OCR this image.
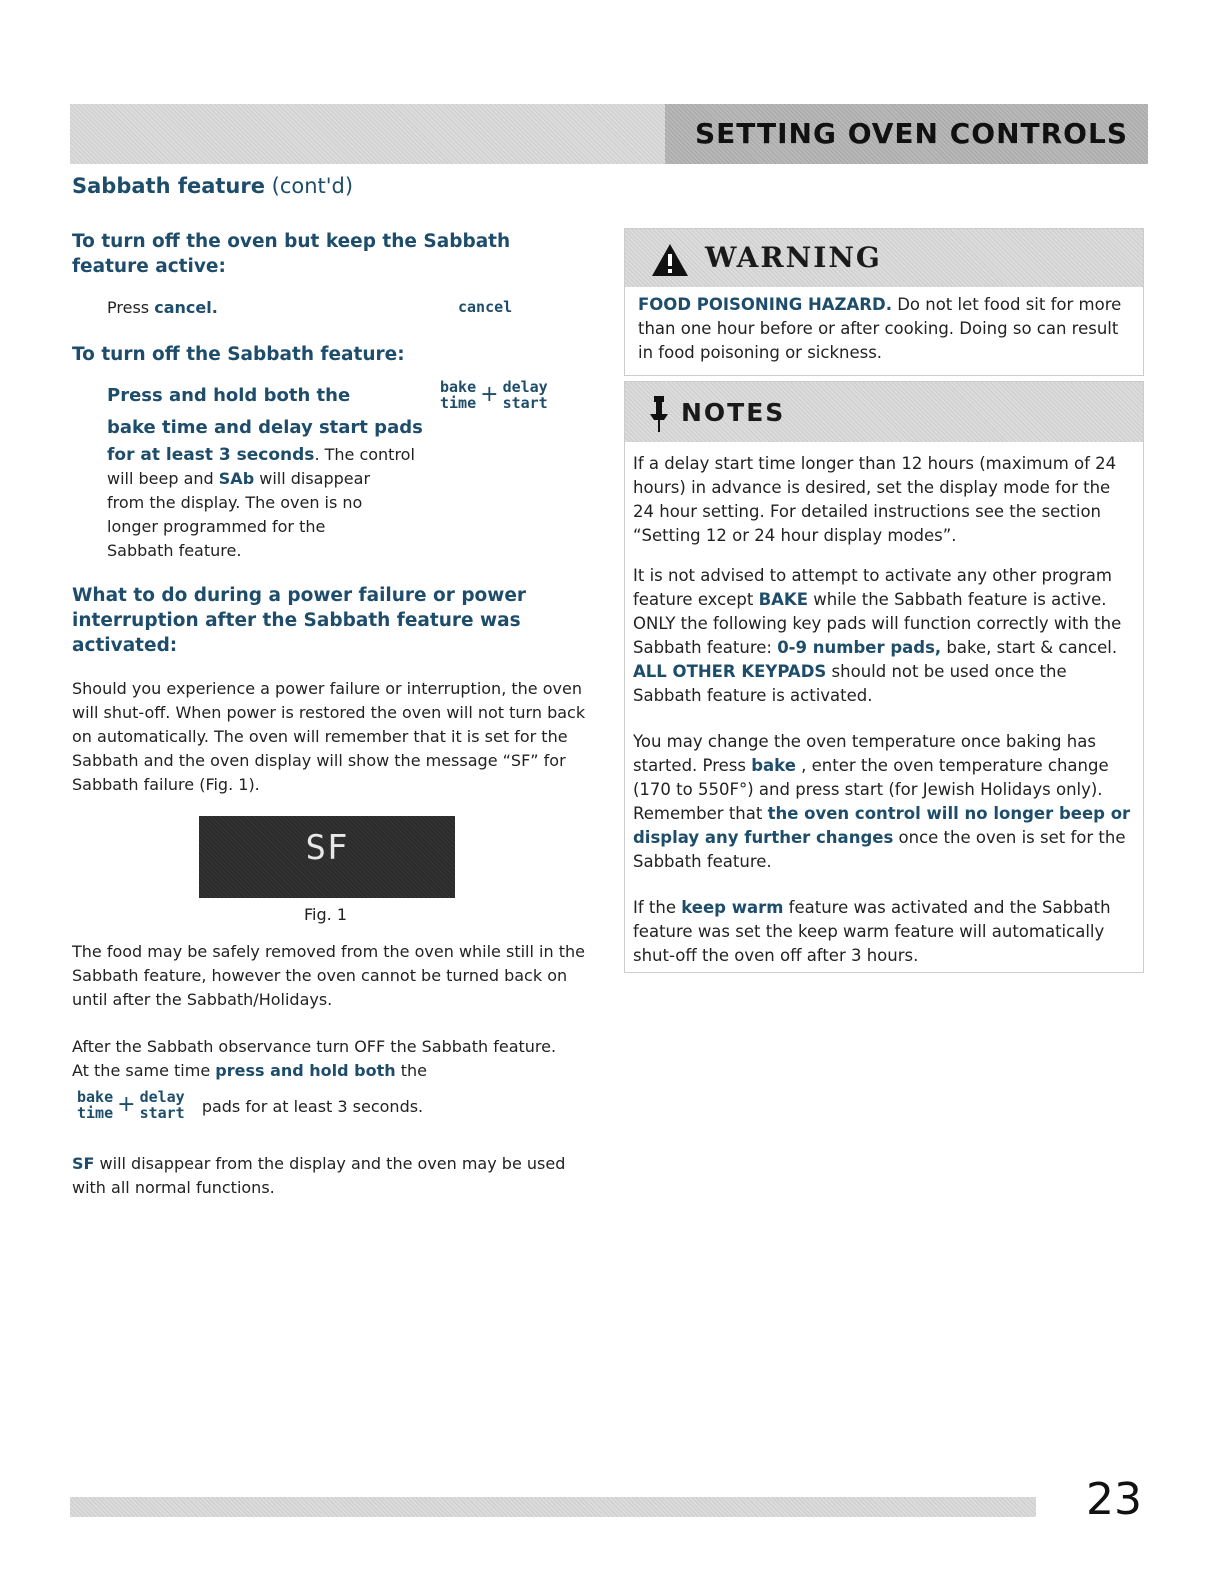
SETTING OVEN CONTROLS
Sabbath feature (cont'd)
To turn off the oven but keep the Sabbath feature active:
Press cancel.	cancel
To turn off the Sabbath feature:
Press and hold both the
bake time and delay start pads
for at least 3 seconds. The control
will beep and SAb will disappear
from the display. The oven is no
longer programmed for the
Sabbath feature.
bake
time + delay
start
What to do during a power failure or power interruption after the Sabbath feature was activated:
Should you experience a power failure or interruption, the oven will shut-off. When power is restored the oven will not turn back on automatically. The oven will remember that it is set for the Sabbath and the oven display will show the message “SF” for Sabbath failure (Fig. 1).
SF
Fig. 1
The food may be safely removed from the oven while still in the Sabbath feature, however the oven cannot be turned back on until after the Sabbath/Holidays.
After the Sabbath observance turn OFF the Sabbath feature. At the same time press and hold both the
bake
time + delay
start pads for at least 3 seconds.
SF will disappear from the display and the oven may be used with all normal functions.
WARNING
FOOD POISONING HAZARD. Do not let food sit for more than one hour before or after cooking. Doing so can result in food poisoning or sickness.
NOTES
If a delay start time longer than 12 hours (maximum of 24 hours) in advance is desired, set the display mode for the 24 hour setting. For detailed instructions see the section “Setting 12 or 24 hour display modes”.
It is not advised to attempt to activate any other program feature except BAKE while the Sabbath feature is active. ONLY the following key pads will function correctly with the Sabbath feature: 0-9 number pads, bake, start & cancel. ALL OTHER KEYPADS should not be used once the Sabbath feature is activated.
You may change the oven temperature once baking has started. Press bake , enter the oven temperature change (170 to 550F°) and press start (for Jewish Holidays only). Remember that the oven control will no longer beep or display any further changes once the oven is set for the Sabbath feature.
If the keep warm feature was activated and the Sabbath feature was set the keep warm feature will automatically shut-off the oven off after 3 hours.
23
